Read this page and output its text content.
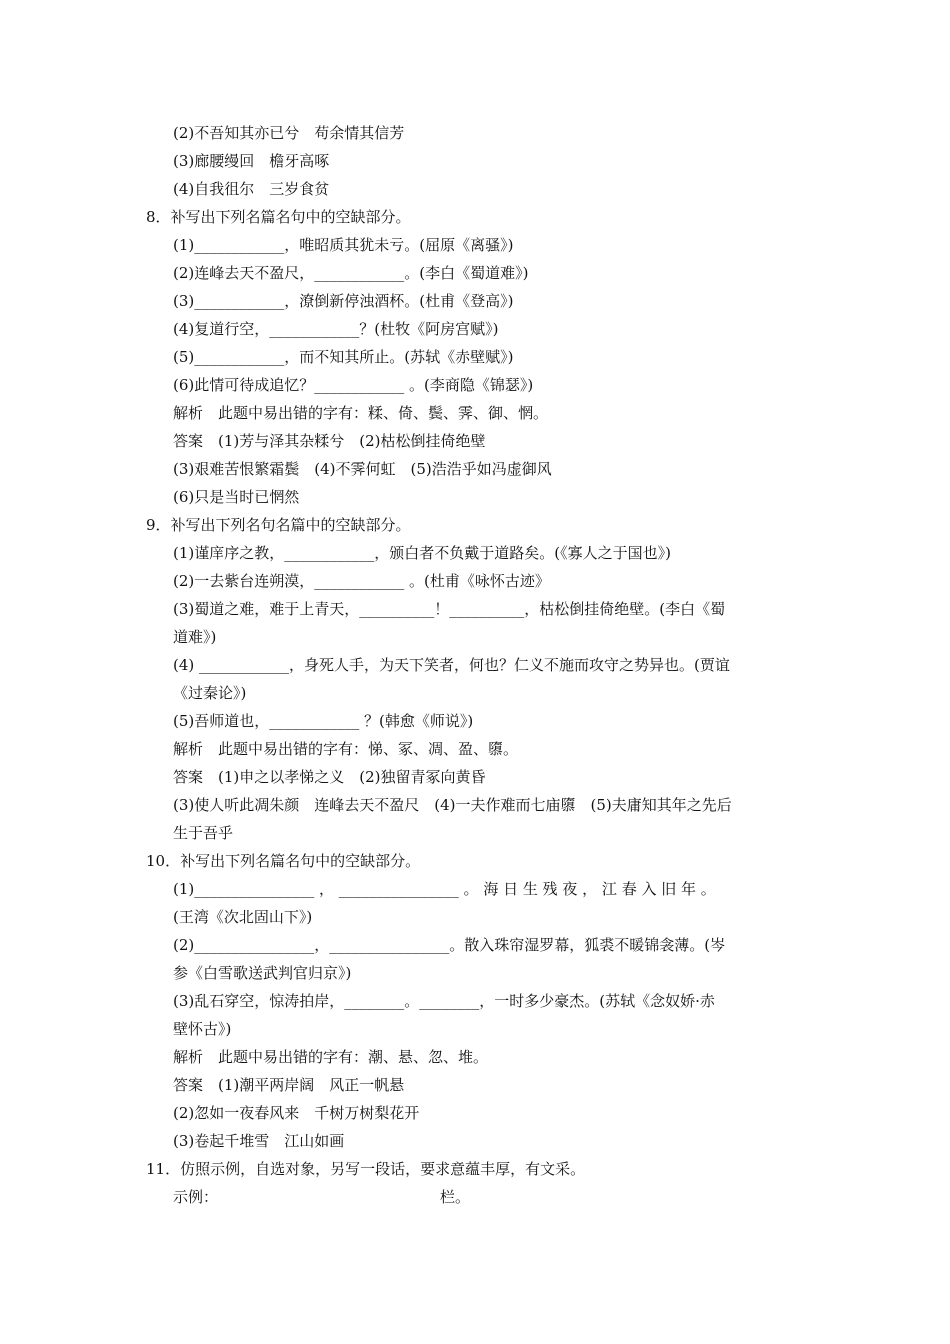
(2)不吾知其亦已兮　苟余情其信芳
(3)廊腰缦回　檐牙高啄
(4)自我徂尔　三岁食贫
8．补写出下列名篇名句中的空缺部分。
(1)____________，唯昭质其犹未亏。(屈原《离骚》)
(2)连峰去天不盈尺，____________。(李白《蜀道难》)
(3)____________，潦倒新停浊酒杯。(杜甫《登高》)
(4)复道行空，____________？(杜牧《阿房宫赋》)
(5)____________，而不知其所止。(苏轼《赤壁赋》)
(6)此情可待成追忆？____________ 。(李商隐《锦瑟》)
解析　此题中易出错的字有：糅、倚、鬓、霁、御、惘。
答案　(1)芳与泽其杂糅兮　(2)枯松倒挂倚绝壁
(3)艰难苦恨繁霜鬓　(4)不霁何虹　(5)浩浩乎如冯虚御风
(6)只是当时已惘然
9．补写出下列名句名篇中的空缺部分。
(1)谨庠序之教，____________，颁白者不负戴于道路矣。(《寡人之于国也》)
(2)一去紫台连朔漠，____________ 。(杜甫《咏怀古迹》
(3)蜀道之难，难于上青天，__________！__________，枯松倒挂倚绝壁。(李白《蜀
道难》)
(4) ____________，身死人手，为天下笑者，何也？仁义不施而攻守之势异也。(贾谊
《过秦论》)
(5)吾师道也，____________ ？(韩愈《师说》)
解析　此题中易出错的字有：悌、冢、凋、盈、隳。
答案　(1)申之以孝悌之义　(2)独留青冢向黄昏
(3)使人听此凋朱颜　连峰去天不盈尺　(4)一夫作难而七庙隳　(5)夫庸知其年之先后
生于吾乎
10．补写出下列名篇名句中的空缺部分。
(1)________________ ， ________________ 。 海 日 生 残 夜 ， 江 春 入 旧 年 。
(王湾《次北固山下》)
(2)________________，________________。散入珠帘湿罗幕，狐裘不暖锦衾薄。(岑
参《白雪歌送武判官归京》)
(3)乱石穿空，惊涛拍岸，________。________，一时多少豪杰。(苏轼《念奴娇·赤
壁怀古》)
解析　此题中易出错的字有：潮、悬、忽、堆。
答案　(1)潮平两岸阔　风正一帆悬
(2)忽如一夜春风来　千树万树梨花开
(3)卷起千堆雪　江山如画
11．仿照示例，自选对象，另写一段话，要求意蕴丰厚，有文采。
示例：	栏。
